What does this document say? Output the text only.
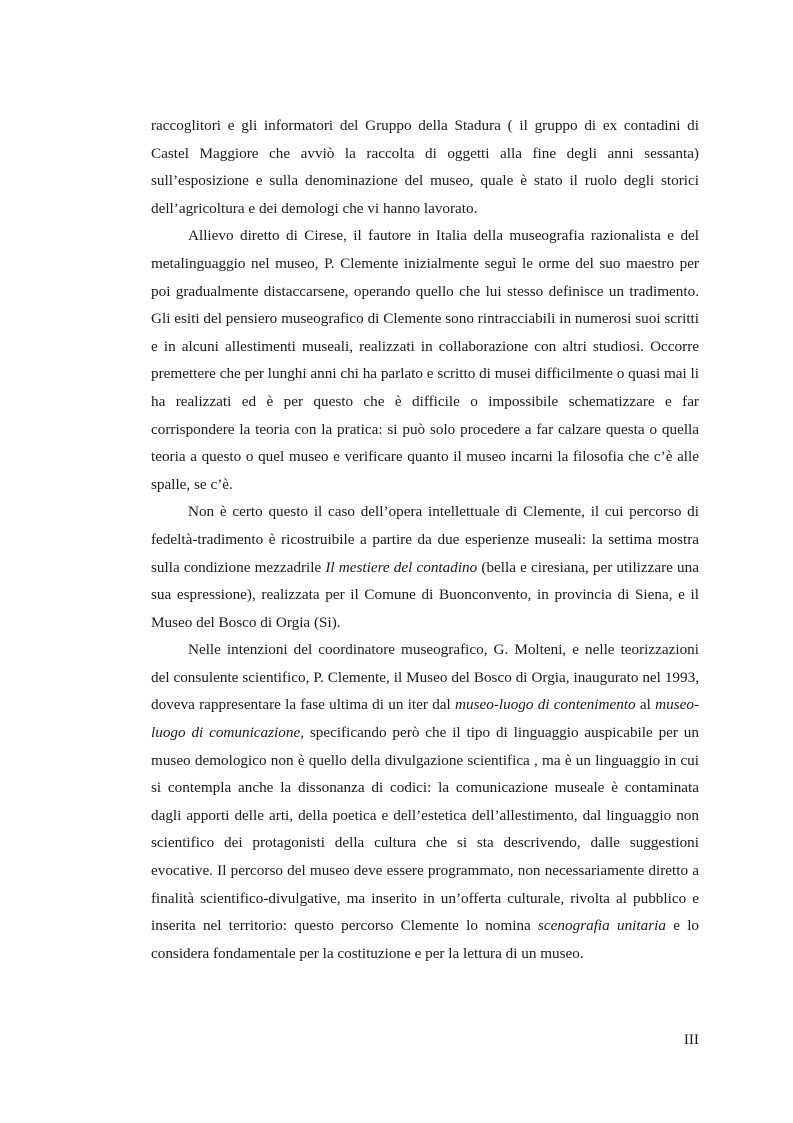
raccoglitori e gli informatori del Gruppo della Stadura ( il gruppo di ex contadini di Castel Maggiore che avviò la raccolta di oggetti alla fine degli anni sessanta) sull’esposizione e sulla denominazione del museo, quale è stato il ruolo degli storici dell’agricoltura e dei demologi che vi hanno lavorato.

Allievo diretto di Cirese, il fautore in Italia della museografia razionalista e del metalinguaggio nel museo, P. Clemente inizialmente seguì le orme del suo maestro per poi gradualmente distaccarsene, operando quello che lui stesso definisce un tradimento. Gli esiti del pensiero museografico di Clemente sono rintracciabili in numerosi suoi scritti e in alcuni allestimenti museali, realizzati in collaborazione con altri studiosi. Occorre premettere che per lunghi anni chi ha parlato e scritto di musei difficilmente o quasi mai li ha realizzati ed è per questo che è difficile o impossibile schematizzare e far corrispondere la teoria con la pratica: si può solo procedere a far calzare questa o quella teoria a questo o quel museo e verificare quanto il museo incarni la filosofia che c’è alle spalle, se c’è.

Non è certo questo il caso dell’opera intellettuale di Clemente, il cui percorso di fedeltà-tradimento è ricostruibile a partire da due esperienze museali: la settima mostra sulla condizione mezzadrile Il mestiere del contadino (bella e ciresiana, per utilizzare una sua espressione), realizzata per il Comune di Buonconvento, in provincia di Siena, e il Museo del Bosco di Orgia (Si).

Nelle intenzioni del coordinatore museografico, G. Molteni, e nelle teorizzazioni del consulente scientifico, P. Clemente, il Museo del Bosco di Orgia, inaugurato nel 1993, doveva rappresentare la fase ultima di un iter dal museo-luogo di contenimento al museo-luogo di comunicazione, specificando però che il tipo di linguaggio auspicabile per un museo demologico non è quello della divulgazione scientifica , ma è un linguaggio in cui si contempla anche la dissonanza di codici: la comunicazione museale è contaminata dagli apporti delle arti, della poetica e dell’estetica dell’allestimento, dal linguaggio non scientifico dei protagonisti della cultura che si sta descrivendo, dalle suggestioni evocative. Il percorso del museo deve essere programmato, non necessariamente diretto a finalità scientifico-divulgative, ma inserito in un’offerta culturale, rivolta al pubblico e inserita nel territorio: questo percorso Clemente lo nomina scenografia unitaria e lo considera fondamentale per la costituzione e per la lettura di un museo.

III
